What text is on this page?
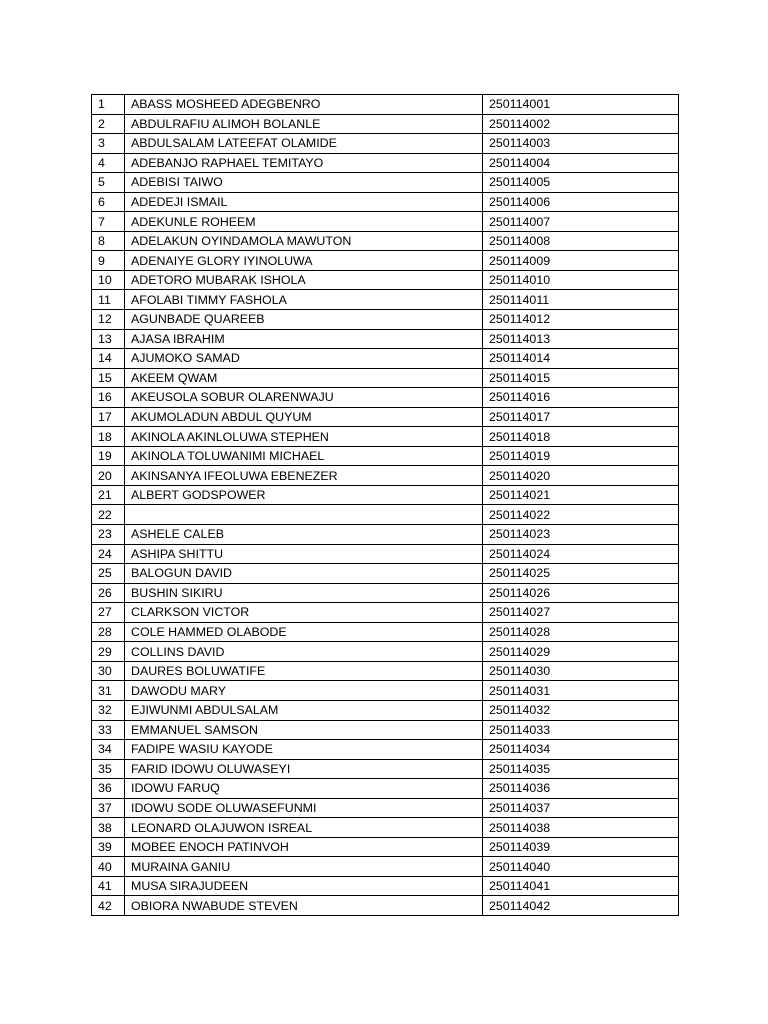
1	ABASS MOSHEED ADEGBENRO	250114001
2	ABDULRAFIU ALIMOH BOLANLE	250114002
3	ABDULSALAM LATEEFAT OLAMIDE	250114003
4	ADEBANJO RAPHAEL TEMITAYO	250114004
5	ADEBISI TAIWO	250114005
6	ADEDEJI ISMAIL	250114006
7	ADEKUNLE ROHEEM	250114007
8	ADELAKUN OYINDAMOLA MAWUTON	250114008
9	ADENAIYE GLORY IYINOLUWA	250114009
10	ADETORO MUBARAK ISHOLA	250114010
11	AFOLABI TIMMY FASHOLA	250114011
12	AGUNBADE QUAREEB	250114012
13	AJASA IBRAHIM	250114013
14	AJUMOKO SAMAD	250114014
15	AKEEM QWAM	250114015
16	AKEUSOLA SOBUR OLARENWAJU	250114016
17	AKUMOLADUN ABDUL QUYUM	250114017
18	AKINOLA AKINLOLUWA STEPHEN	250114018
19	AKINOLA TOLUWANIMI MICHAEL	250114019
20	AKINSANYA IFEOLUWA EBENEZER	250114020
21	ALBERT GODSPOWER	250114021
22		250114022
23	ASHELE CALEB	250114023
24	ASHIPA SHITTU	250114024
25	BALOGUN DAVID	250114025
26	BUSHIN SIKIRU	250114026
27	CLARKSON VICTOR	250114027
28	COLE HAMMED OLABODE	250114028
29	COLLINS DAVID	250114029
30	DAURES BOLUWATIFE	250114030
31	DAWODU MARY	250114031
32	EJIWUNMI ABDULSALAM	250114032
33	EMMANUEL SAMSON	250114033
34	FADIPE WASIU KAYODE	250114034
35	FARID IDOWU OLUWASEYI	250114035
36	IDOWU FARUQ	250114036
37	IDOWU SODE OLUWASEFUNMI	250114037
38	LEONARD OLAJUWON ISREAL	250114038
39	MOBEE ENOCH PATINVOH	250114039
40	MURAINA GANIU	250114040
41	MUSA SIRAJUDEEN	250114041
42	OBIORA NWABUDE STEVEN	250114042
